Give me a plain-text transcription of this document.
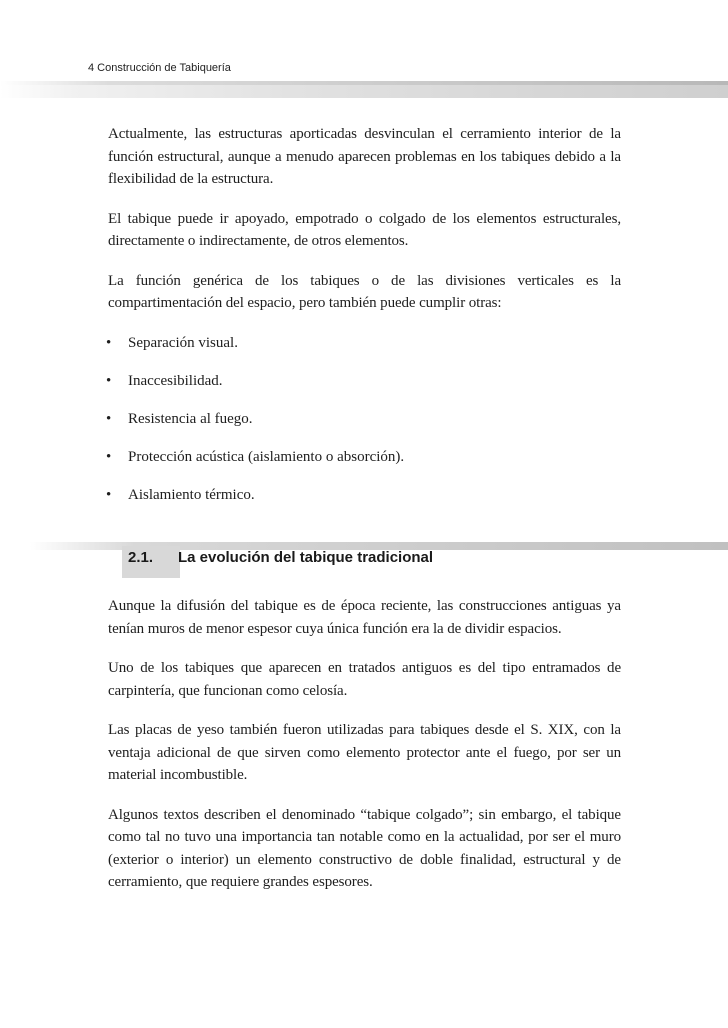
4 Construcción de Tabiquería

Actualmente, las estructuras aporticadas desvinculan el cerramiento interior de la función estructural, aunque a menudo aparecen problemas en los tabiques debido a la flexibilidad de la estructura.

El tabique puede ir apoyado, empotrado o colgado de los elementos estructurales, directamente o indirectamente, de otros elementos.

La función genérica de los tabiques o de las divisiones verticales es la compartimentación del espacio, pero también puede cumplir otras:

• Separación visual.
• Inaccesibilidad.
• Resistencia al fuego.
• Protección acústica (aislamiento o absorción).
• Aislamiento térmico.
2.1. La evolución del tabique tradicional

Aunque la difusión del tabique es de época reciente, las construcciones antiguas ya tenían muros de menor espesor cuya única función era la de dividir espacios.

Uno de los tabiques que aparecen en tratados antiguos es del tipo entramados de carpintería, que funcionan como celosía.

Las placas de yeso también fueron utilizadas para tabiques desde el S. XIX, con la ventaja adicional de que sirven como elemento protector ante el fuego, por ser un material incombustible.

Algunos textos describen el denominado “tabique colgado”; sin embargo, el tabique como tal no tuvo una importancia tan notable como en la actualidad, por ser el muro (exterior o interior) un elemento constructivo de doble finalidad, estructural y de cerramiento, que requiere grandes espesores.
